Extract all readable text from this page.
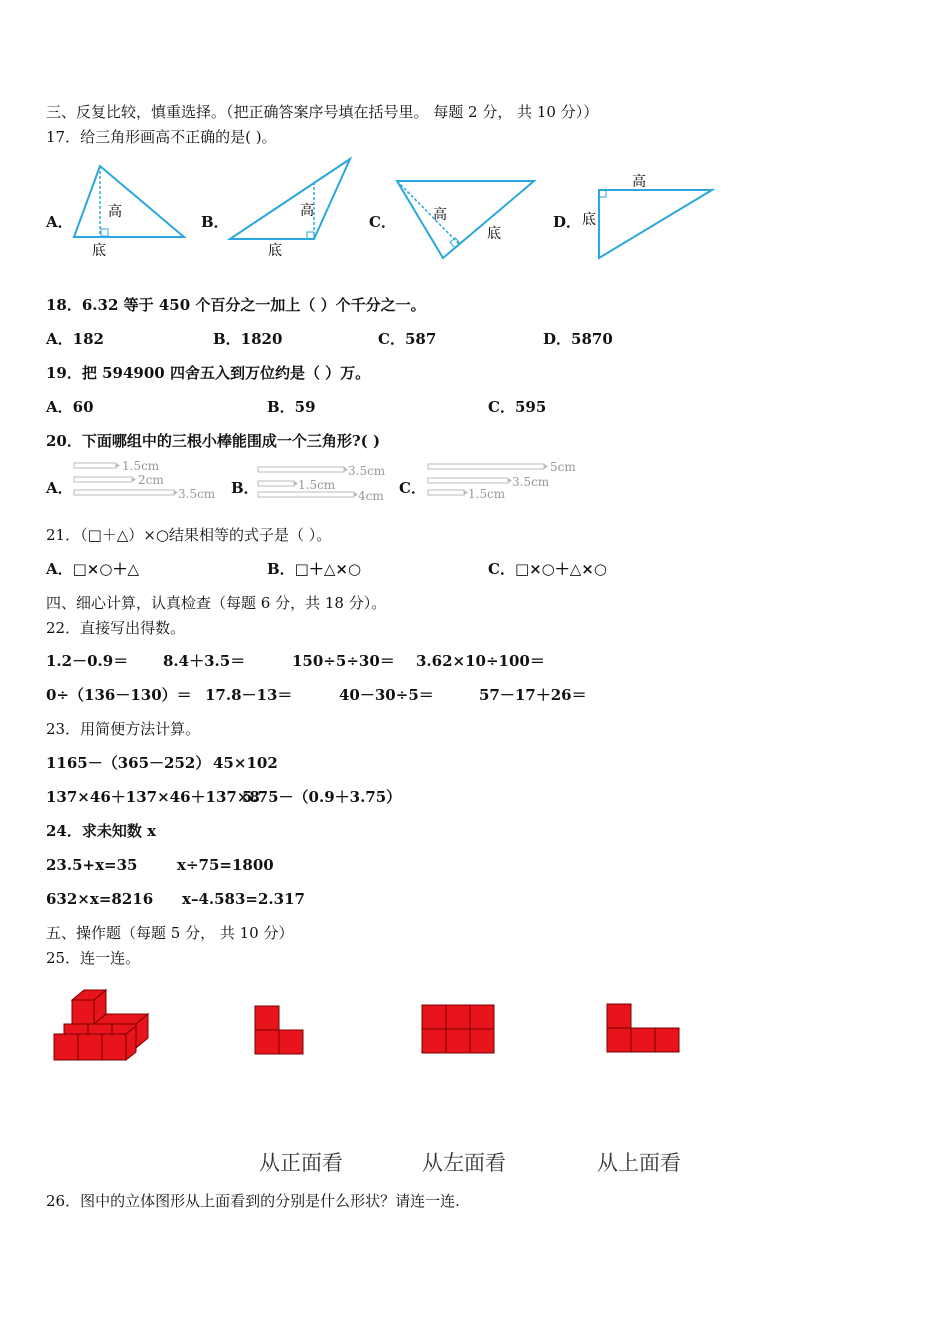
三、反复比较，慎重选择。（把正确答案序号填在括号里。 每题 2 分， 共 10 分））
17．给三角形画高不正确的是( )。
A．
高
底
B．
高
底
C．	高
底
D．
高
底
18．6.32 等于 450 个百分之一加上（ ）个千分之一。
A．182	B．1820	C．587	D．5870
19．把 594900 四舍五入到万位约是（ ）万。
A．60	B．59	C．595
20．下面哪组中的三根小棒能围成一个三角形?( )
A．
1.5cm
2cm
3.5cm B．
3.5cm
1.5cm
4cm C．
5cm
3.5cm
1.5cm
21．（□＋△）×○结果相等的式子是（ ）。
A．□×○＋△	B．□＋△×○	C．□×○＋△×○
四、细心计算，认真检查（每题 6 分，共 18 分）。
22．直接写出得数。
1.2－0.9＝ 8.4＋3.5＝	150÷5÷30＝ 3.62×10÷100＝
0÷（136－130）＝ 17.8－13＝	40－30÷5＝	57－17＋26＝
23．用简便方法计算。
1165－（365－252） 45×102
137×46＋137×46＋137×8
5.75－（0.9＋3.75）
24．求未知数 x
23.5+x=35	x÷75=1800
632×x=8216 x–4.583=2.317
五、操作题（每题 5 分， 共 10 分）
25．连一连。
从正面看	从左面看	从上面看
26．图中的立体图形从上面看到的分别是什么形状？请连一连.
